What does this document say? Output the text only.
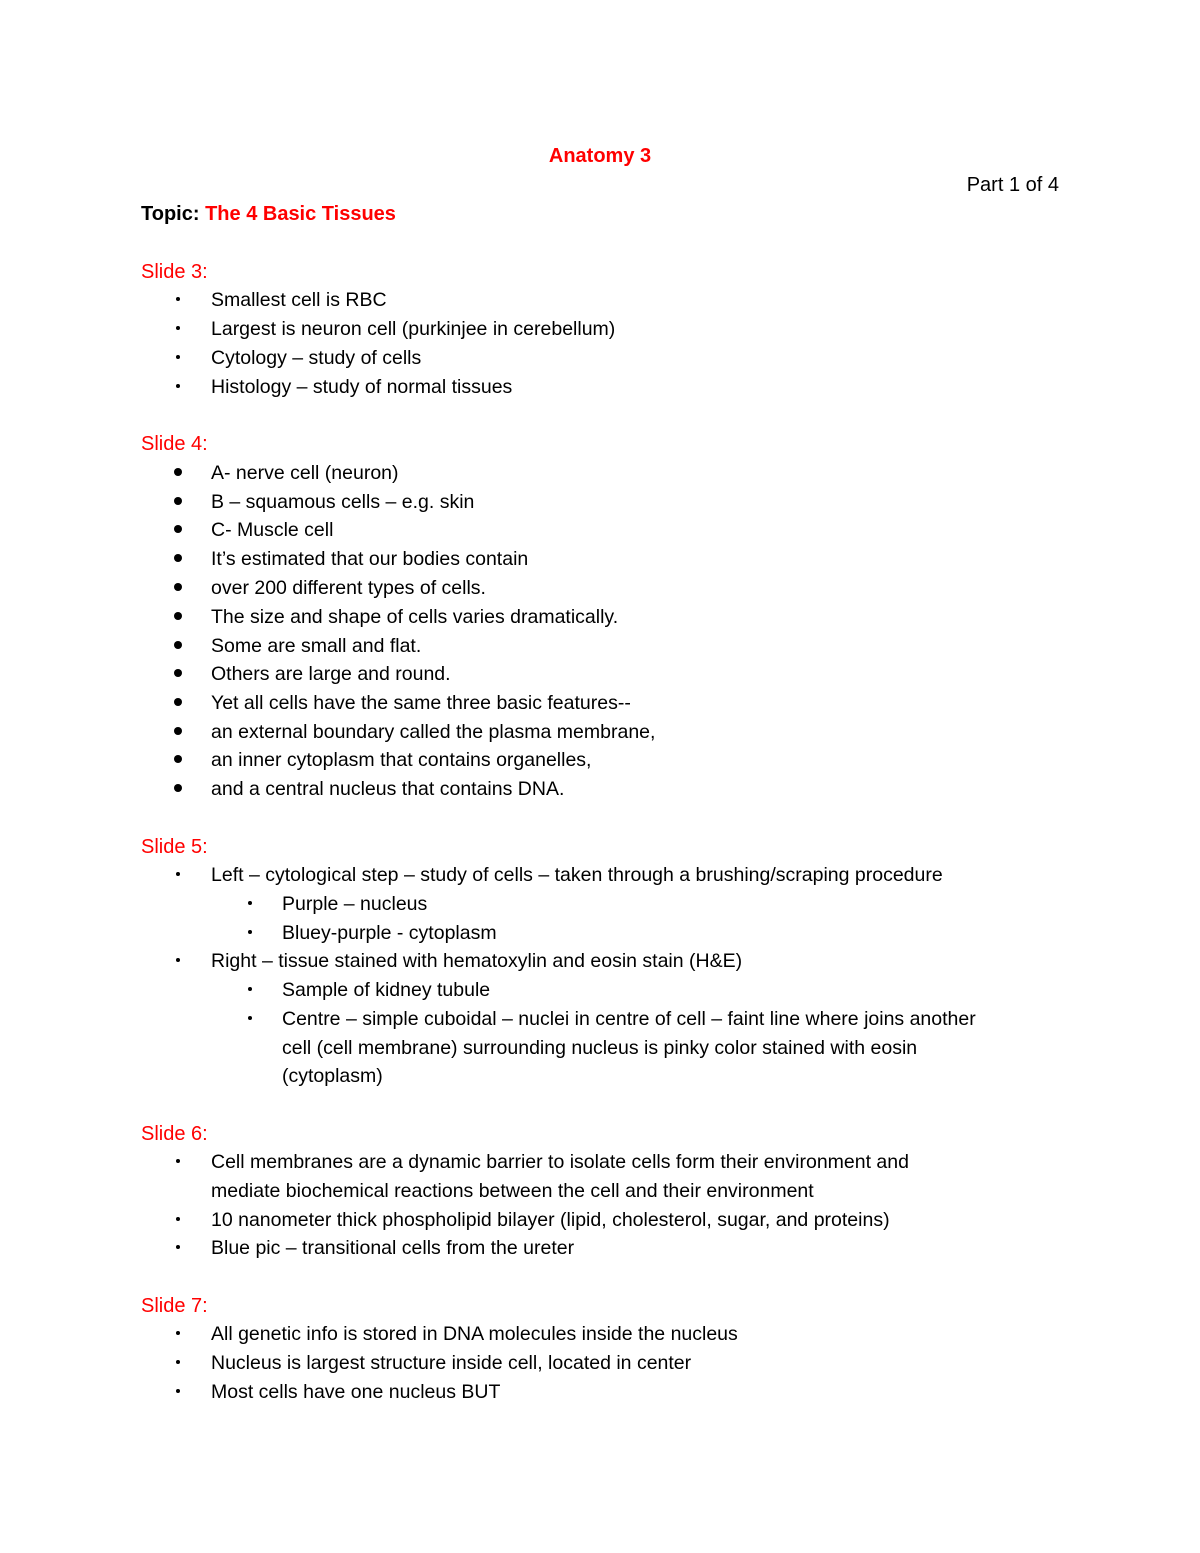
Anatomy 3
Part 1 of 4
Topic: The 4 Basic Tissues
Slide 3:
Smallest cell is RBC
Largest is neuron cell (purkinjee in cerebellum)
Cytology – study of cells
Histology – study of normal tissues
Slide 4:
A- nerve cell (neuron)
B – squamous cells – e.g. skin
C- Muscle cell
It’s estimated that our bodies contain
over 200 different types of cells.
The size and shape of cells varies dramatically.
Some are small and flat.
Others are large and round.
Yet all cells have the same three basic features--
an external boundary called the plasma membrane,
an inner cytoplasm that contains organelles,
and a central nucleus that contains DNA.
Slide 5:
Left – cytological step – study of cells – taken through a brushing/scraping procedure
Purple – nucleus
Bluey-purple - cytoplasm
Right – tissue stained with hematoxylin and eosin stain (H&E)
Sample of kidney tubule
Centre – simple cuboidal – nuclei in centre of cell – faint line where joins another
cell (cell membrane) surrounding nucleus is pinky color stained with eosin
(cytoplasm)
Slide 6:
Cell membranes are a dynamic barrier to isolate cells form their environment and
mediate biochemical reactions between the cell and their environment
10 nanometer thick phospholipid bilayer (lipid, cholesterol, sugar, and proteins)
Blue pic – transitional cells from the ureter
Slide 7:
All genetic info is stored in DNA molecules inside the nucleus
Nucleus is largest structure inside cell, located in center
Most cells have one nucleus BUT
